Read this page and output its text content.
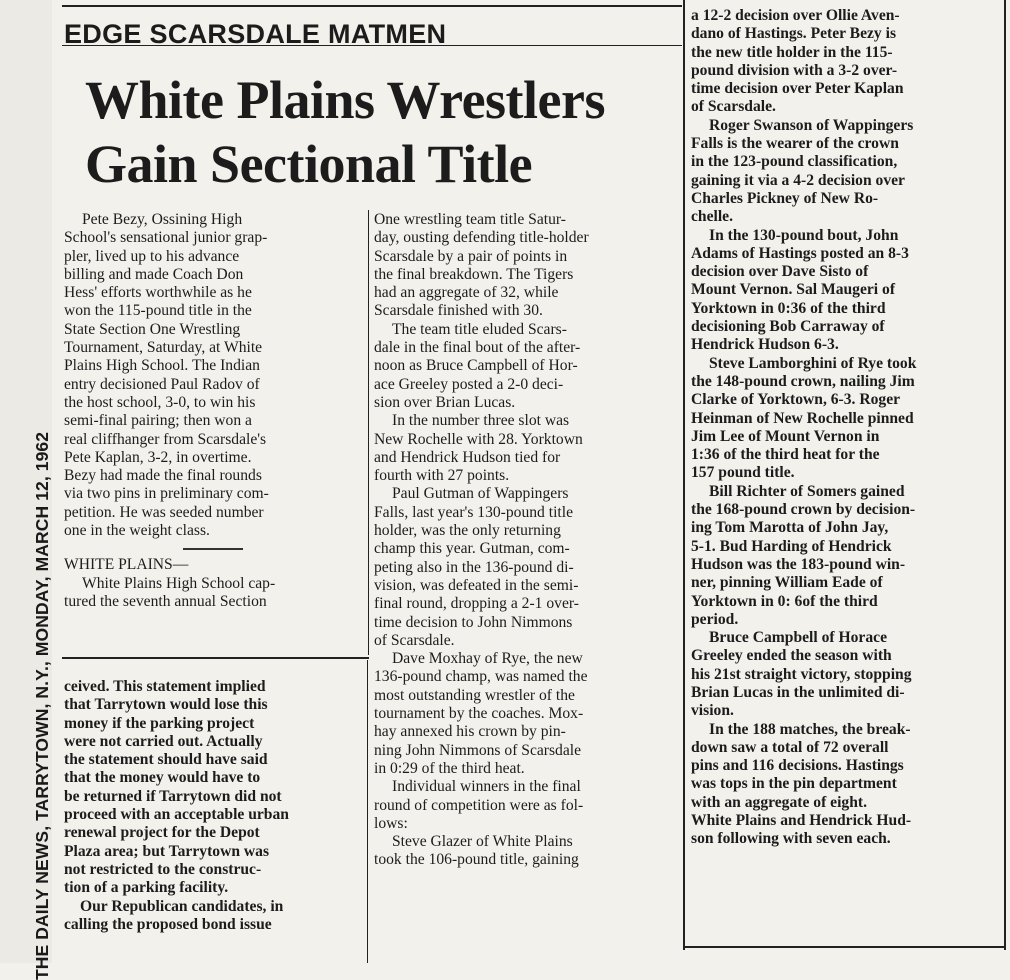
THE DAILY NEWS, TARRYTOWN, N.Y., MONDAY, MARCH 12, 1962
EDGE SCARSDALE MATMEN
White Plains Wrestlers
Gain Sectional Title

Pete Bezy, Ossining High

School's sensational junior grap-

pler, lived up to his advance

billing and made Coach Don

Hess' efforts worthwhile as he

won the 115-pound title in the

State Section One Wrestling

Tournament, Saturday, at White

Plains High School. The Indian

entry decisioned Paul Radov of

the host school, 3-0, to win his

semi-final pairing; then won a

real cliffhanger from Scarsdale's

Pete Kaplan, 3-2, in overtime.

Bezy had made the final rounds

via two pins in preliminary com-

petition. He was seeded number

one in the weight class.

WHITE PLAINS—

White Plains High School cap-

tured the seventh annual Section

One wrestling team title Satur-

day, ousting defending title-holder

Scarsdale by a pair of points in

the final breakdown. The Tigers

had an aggregate of 32, while

Scarsdale finished with 30.

The team title eluded Scars-

dale in the final bout of the after-

noon as Bruce Campbell of Hor-

ace Greeley posted a 2-0 deci-

sion over Brian Lucas.

In the number three slot was

New Rochelle with 28. Yorktown

and Hendrick Hudson tied for

fourth with 27 points.

Paul Gutman of Wappingers

Falls, last year's 130-pound title

holder, was the only returning

champ this year. Gutman, com-

peting also in the 136-pound di-

vision, was defeated in the semi-

final round, dropping a 2-1 over-

time decision to John Nimmons

of Scarsdale.

Dave Moxhay of Rye, the new

136-pound champ, was named the

most outstanding wrestler of the

tournament by the coaches. Mox-

hay annexed his crown by pin-

ning John Nimmons of Scarsdale

in 0:29 of the third heat.

Individual winners in the final

round of competition were as fol-

lows:

Steve Glazer of White Plains

took the 106-pound title, gaining

a 12-2 decision over Ollie Aven-

dano of Hastings. Peter Bezy is

the new title holder in the 115-

pound division with a 3-2 over-

time decision over Peter Kaplan

of Scarsdale.

Roger Swanson of Wappingers

Falls is the wearer of the crown

in the 123-pound classification,

gaining it via a 4-2 decision over

Charles Pickney of New Ro-

chelle.

In the 130-pound bout, John

Adams of Hastings posted an 8-3

decision over Dave Sisto of

Mount Vernon. Sal Maugeri of

Yorktown in 0:36 of the third

decisioning Bob Carraway of

Hendrick Hudson 6-3.

Steve Lamborghini of Rye took

the 148-pound crown, nailing Jim

Clarke of Yorktown, 6-3. Roger

Heinman of New Rochelle pinned

Jim Lee of Mount Vernon in

1:36 of the third heat for the

157 pound title.

Bill Richter of Somers gained

the 168-pound crown by decision-

ing Tom Marotta of John Jay,

5-1. Bud Harding of Hendrick

Hudson was the 183-pound win-

ner, pinning William Eade of

Yorktown in 0: 6of the third

period.

Bruce Campbell of Horace

Greeley ended the season with

his 21st straight victory, stopping

Brian Lucas in the unlimited di-

vision.

In the 188 matches, the break-

down saw a total of 72 overall

pins and 116 decisions. Hastings

was tops in the pin department

with an aggregate of eight.

White Plains and Hendrick Hud-

son following with seven each.

ceived. This statement implied

that Tarrytown would lose this

money if the parking project

were not carried out. Actually

the statement should have said

that the money would have to

be returned if Tarrytown did not

proceed with an acceptable urban

renewal project for the Depot

Plaza area; but Tarrytown was

not restricted to the construc-

tion of a parking facility.

Our Republican candidates, in

calling the proposed bond issue
